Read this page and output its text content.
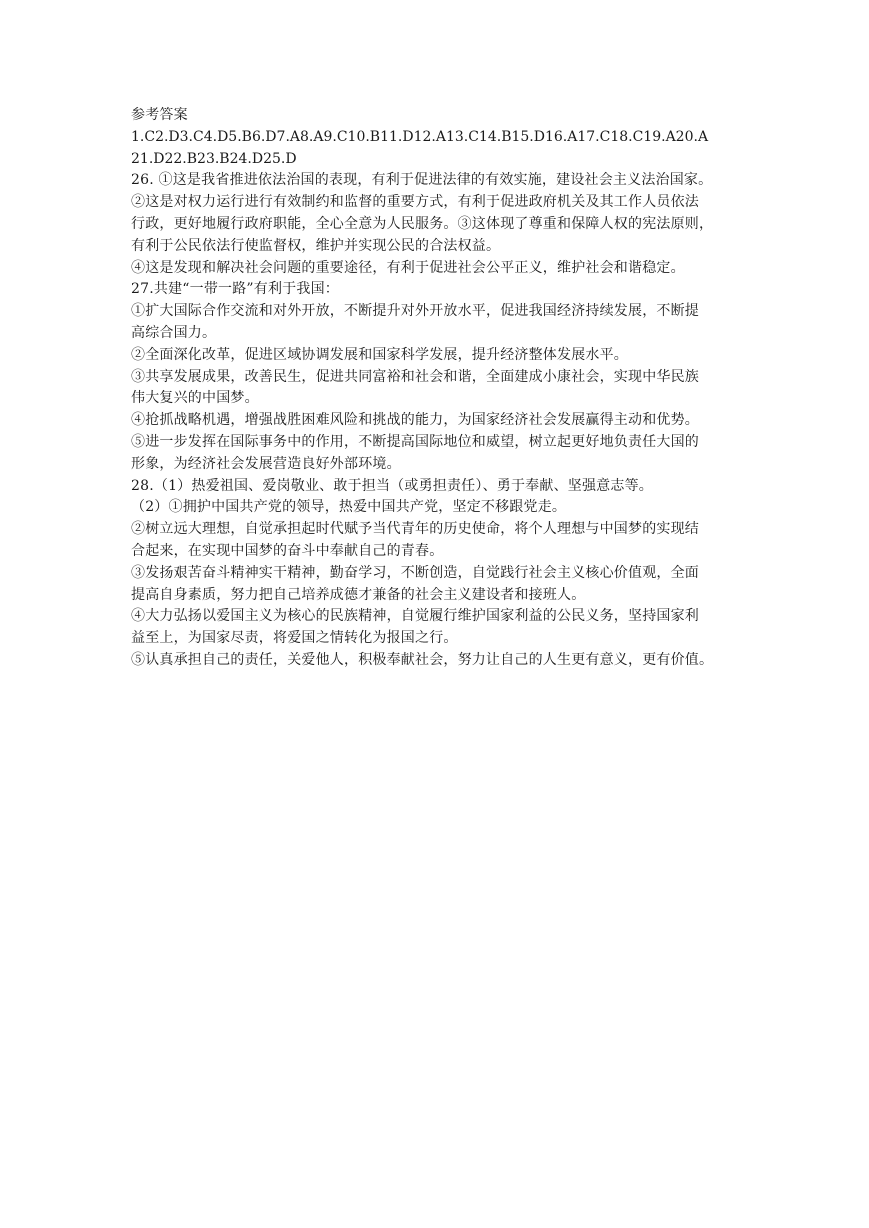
参考答案
1.C2.D3.C4.D5.B6.D7.A8.A9.C10.B11.D12.A13.C14.B15.D16.A17.C18.C19.A20.A
21.D22.B23.B24.D25.D
26. ①这是我省推进依法治国的表现，有利于促进法律的有效实施，建设社会主义法治国家。
②这是对权力运行进行有效制约和监督的重要方式，有利于促进政府机关及其工作人员依法
行政，更好地履行政府职能，全心全意为人民服务。③这体现了尊重和保障人权的宪法原则，
有利于公民依法行使监督权，维护并实现公民的合法权益。
④这是发现和解决社会问题的重要途径，有利于促进社会公平正义，维护社会和谐稳定。
27.共建“一带一路”有利于我国：
①扩大国际合作交流和对外开放，不断提升对外开放水平，促进我国经济持续发展，不断提
高综合国力。
②全面深化改革，促进区域协调发展和国家科学发展，提升经济整体发展水平。
③共享发展成果，改善民生，促进共同富裕和社会和谐，全面建成小康社会，实现中华民族
伟大复兴的中国梦。
④抢抓战略机遇，增强战胜困难风险和挑战的能力，为国家经济社会发展赢得主动和优势。
⑤进一步发挥在国际事务中的作用，不断提高国际地位和威望，树立起更好地负责任大国的
形象，为经济社会发展营造良好外部环境。
28.（1）热爱祖国、爱岗敬业、敢于担当（或勇担责任）、勇于奉献、坚强意志等。
（2）①拥护中国共产党的领导，热爱中国共产党，坚定不移跟党走。
②树立远大理想，自觉承担起时代赋予当代青年的历史使命，将个人理想与中国梦的实现结
合起来，在实现中国梦的奋斗中奉献自己的青春。
③发扬艰苦奋斗精神实干精神，勤奋学习，不断创造，自觉践行社会主义核心价值观，全面
提高自身素质，努力把自己培养成德才兼备的社会主义建设者和接班人。
④大力弘扬以爱国主义为核心的民族精神，自觉履行维护国家利益的公民义务，坚持国家利
益至上，为国家尽责，将爱国之情转化为报国之行。
⑤认真承担自己的责任，关爱他人，积极奉献社会，努力让自己的人生更有意义，更有价值。
